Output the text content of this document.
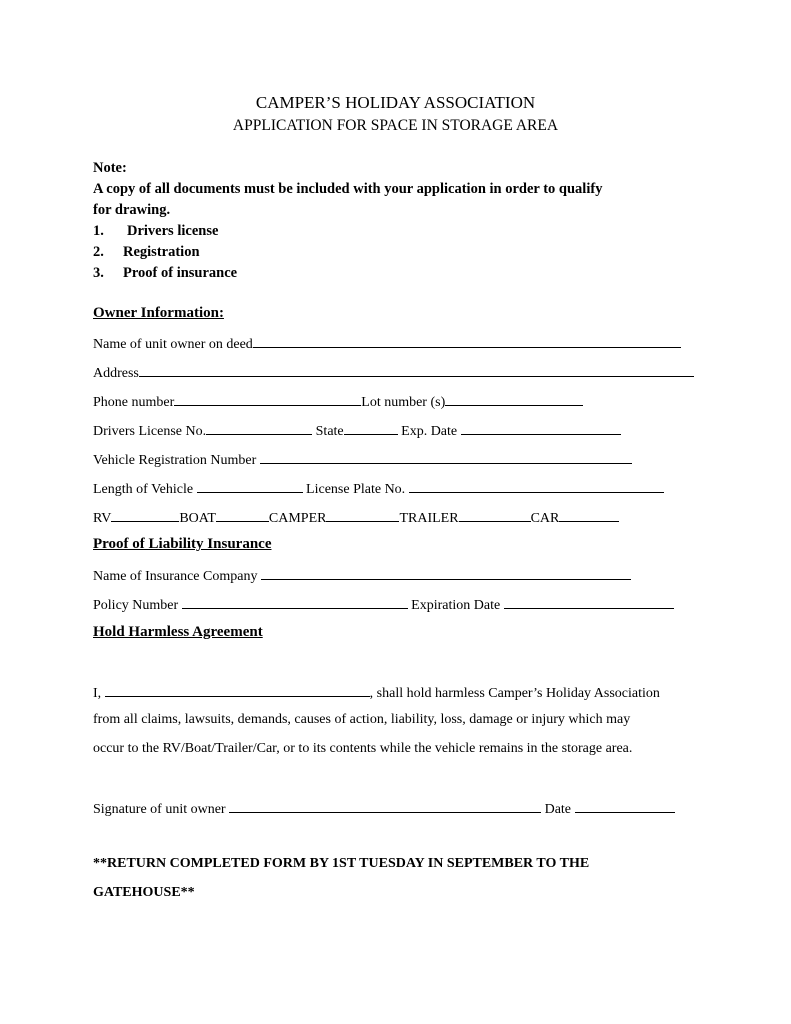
CAMPER’S HOLIDAY ASSOCIATION
APPLICATION FOR SPACE IN STORAGE AREA
Note:
A copy of all documents must be included with your application in order to qualify
for drawing.
1. Drivers license
2. Registration
3. Proof of insurance
Owner Information:
Name of unit owner on deed
Address
Phone number	Lot number (s)
Drivers License No.	State	Exp. Date
Vehicle Registration Number
Length of Vehicle	License Plate No.
RV	BOAT	CAMPER	TRAILER	CAR
Proof of Liability Insurance
Name of Insurance Company
Policy Number	Expiration Date
Hold Harmless Agreement
I,	, shall hold harmless Camper’s Holiday Association
from all claims, lawsuits, demands, causes of action, liability, loss, damage or injury which may
occur to the RV/Boat/Trailer/Car, or to its contents while the vehicle remains in the storage area.
Signature of unit owner	Date
**RETURN COMPLETED FORM BY 1ST TUESDAY IN SEPTEMBER TO THE
GATEHOUSE**
